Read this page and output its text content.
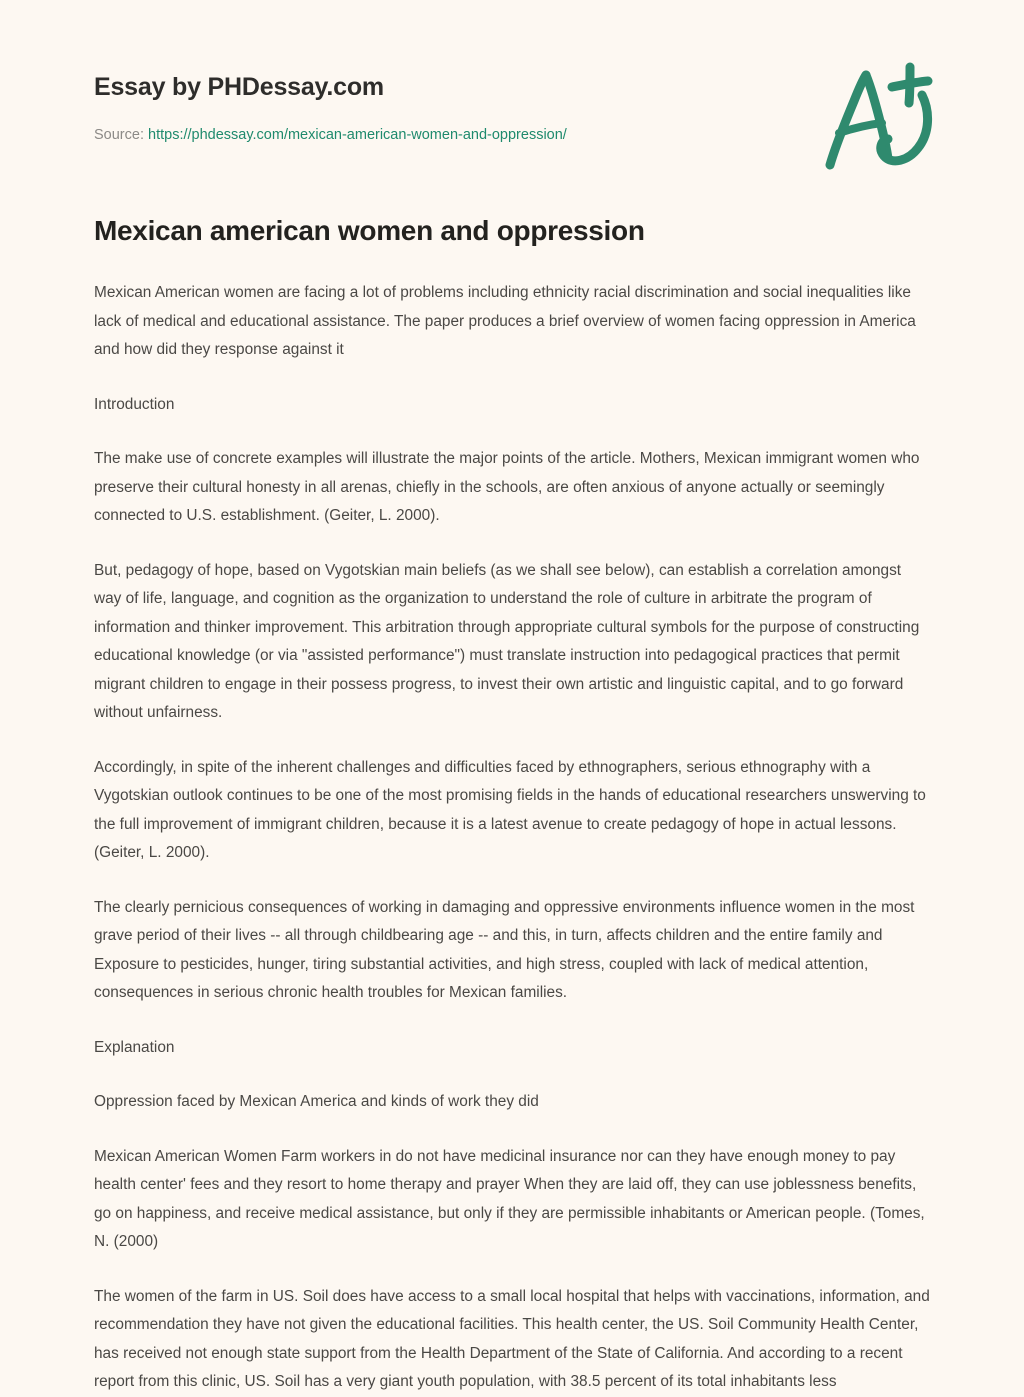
Essay by PHDessay.com
Source: https://phdessay.com/mexican-american-women-and-oppression/
Mexican american women and oppression

Mexican American women are facing a lot of problems including ethnicity racial discrimination and social inequalities like lack of medical and educational assistance. The paper produces a brief overview of women facing oppression in America and how did they response against it

Introduction

The make use of concrete examples will illustrate the major points of the article. Mothers, Mexican immigrant women who preserve their cultural honesty in all arenas, chiefly in the schools, are often anxious of anyone actually or seemingly connected to U.S. establishment. (Geiter, L. 2000).

But, pedagogy of hope, based on Vygotskian main beliefs (as we shall see below), can establish a correlation amongst way of life, language, and cognition as the organization to understand the role of culture in arbitrate the program of information and thinker improvement. This arbitration through appropriate cultural symbols for the purpose of constructing educational knowledge (or via "assisted performance") must translate instruction into pedagogical practices that permit migrant children to engage in their possess progress, to invest their own artistic and linguistic capital, and to go forward without unfairness.

Accordingly, in spite of the inherent challenges and difficulties faced by ethnographers, serious ethnography with a Vygotskian outlook continues to be one of the most promising fields in the hands of educational researchers unswerving to the full improvement of immigrant children, because it is a latest avenue to create pedagogy of hope in actual lessons. (Geiter, L. 2000).

The clearly pernicious consequences of working in damaging and oppressive environments influence women in the most grave period of their lives -- all through childbearing age -- and this, in turn, affects children and the entire family and Exposure to pesticides, hunger, tiring substantial activities, and high stress, coupled with lack of medical attention, consequences in serious chronic health troubles for Mexican families.

Explanation

Oppression faced by Mexican America and kinds of work they did

Mexican American Women Farm workers in do not have medicinal insurance nor can they have enough money to pay health center' fees and they resort to home therapy and prayer When they are laid off, they can use joblessness benefits, go on happiness, and receive medical assistance, but only if they are permissible inhabitants or American people. (Tomes, N. (2000)

The women of the farm in US. Soil does have access to a small local hospital that helps with vaccinations, information, and recommendation they have not given the educational facilities. This health center, the US. Soil Community Health Center, has received not enough state support from the Health Department of the State of California. And according to a recent report from this clinic, US. Soil has a very giant youth population, with 38.5 percent of its total inhabitants less
